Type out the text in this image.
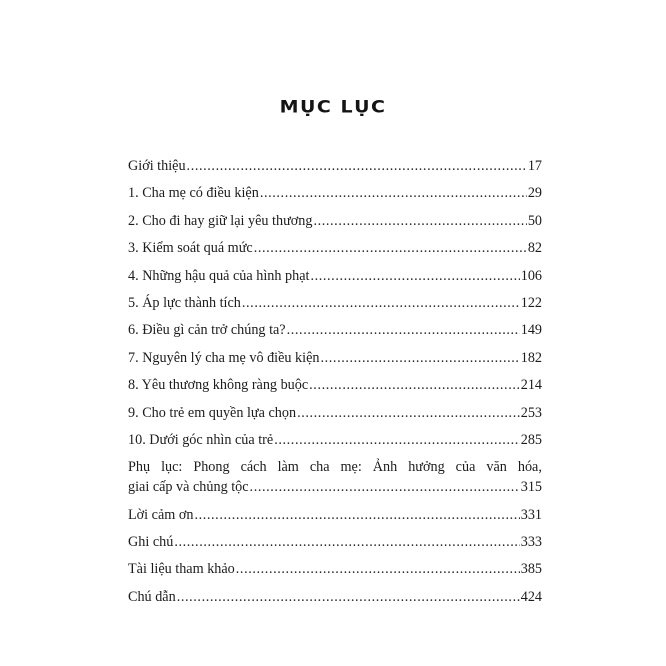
MỤC LỤC
Giới thiệu .....	17
1. Cha mẹ có điều kiện .....	29
2. Cho đi hay giữ lại yêu thương .....	50
3. Kiểm soát quá mức .....	82
4. Những hậu quả của hình phạt .....	106
5. Áp lực thành tích .....	122
6. Điều gì cản trở chúng ta? .....	149
7. Nguyên lý cha mẹ vô điều kiện .....	182
8. Yêu thương không ràng buộc .....	214
9. Cho trẻ em quyền lựa chọn .....	253
10. Dưới góc nhìn của trẻ .....	285
Phụ lục: Phong cách làm cha mẹ: Ảnh hưởng của văn hóa,
giai cấp và chủng tộc .....	315
Lời cảm ơn .....	331
Ghi chú .....	333
Tài liệu tham khảo .....	385
Chú dẫn .....	424
